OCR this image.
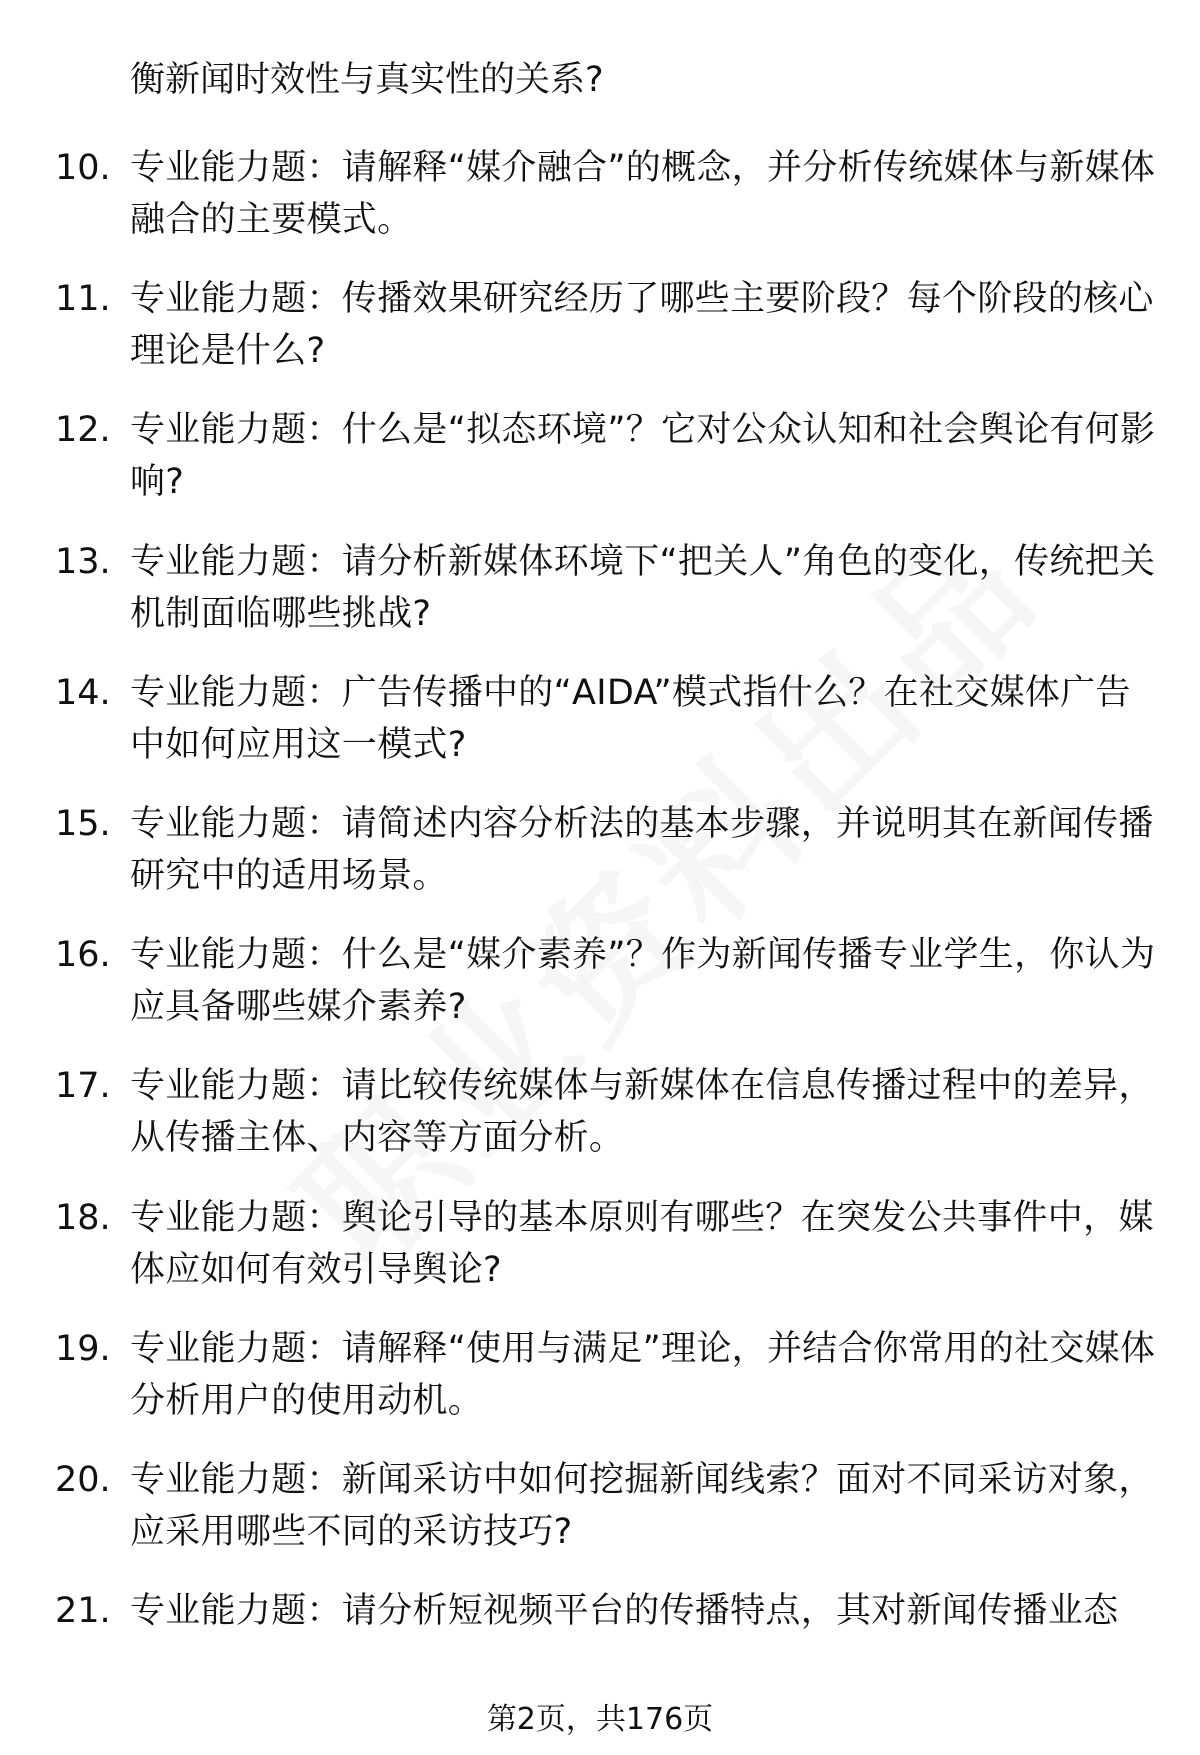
衡新闻时效性与真实性的关系?
10. 专业能力题：请解释“媒介融合”的概念，并分析传统媒体与新媒体融合的主要模式。
11. 专业能力题：传播效果研究经历了哪些主要阶段？每个阶段的核心理论是什么?
12. 专业能力题：什么是“拟态环境”？它对公众认知和社会舆论有何影响?
13. 专业能力题：请分析新媒体环境下“把关人”角色的变化，传统把关机制面临哪些挑战?
14. 专业能力题：广告传播中的“AIDA”模式指什么？在社交媒体广告中如何应用这一模式?
15. 专业能力题：请简述内容分析法的基本步骤，并说明其在新闻传播研究中的适用场景。
16. 专业能力题：什么是“媒介素养”？作为新闻传播专业学生，你认为应具备哪些媒介素养?
17. 专业能力题：请比较传统媒体与新媒体在信息传播过程中的差异，从传播主体、内容等方面分析。
18. 专业能力题：舆论引导的基本原则有哪些？在突发公共事件中，媒体应如何有效引导舆论?
19. 专业能力题：请解释“使用与满足”理论，并结合你常用的社交媒体分析用户的使用动机。
20. 专业能力题：新闻采访中如何挖掘新闻线索？面对不同采访对象，应采用哪些不同的采访技巧?
21. 专业能力题：请分析短视频平台的传播特点，其对新闻传播业态
第2页，共176页
